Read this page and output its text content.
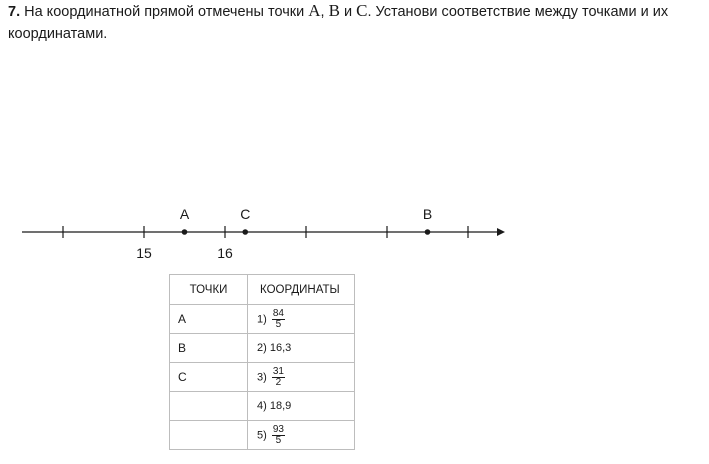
7. На координатной прямой отмечены точки A, B и C. Установи соответствие между точками и их координатами.

15	16
A	C	B
ТОЧКИ	КООРДИНАТЫ
A	$1) \frac{84}{5}$

B	2) 16,3
C	$3) \frac{31}{2}$

	4) 18,9
	$5) \frac{93}{5}$
